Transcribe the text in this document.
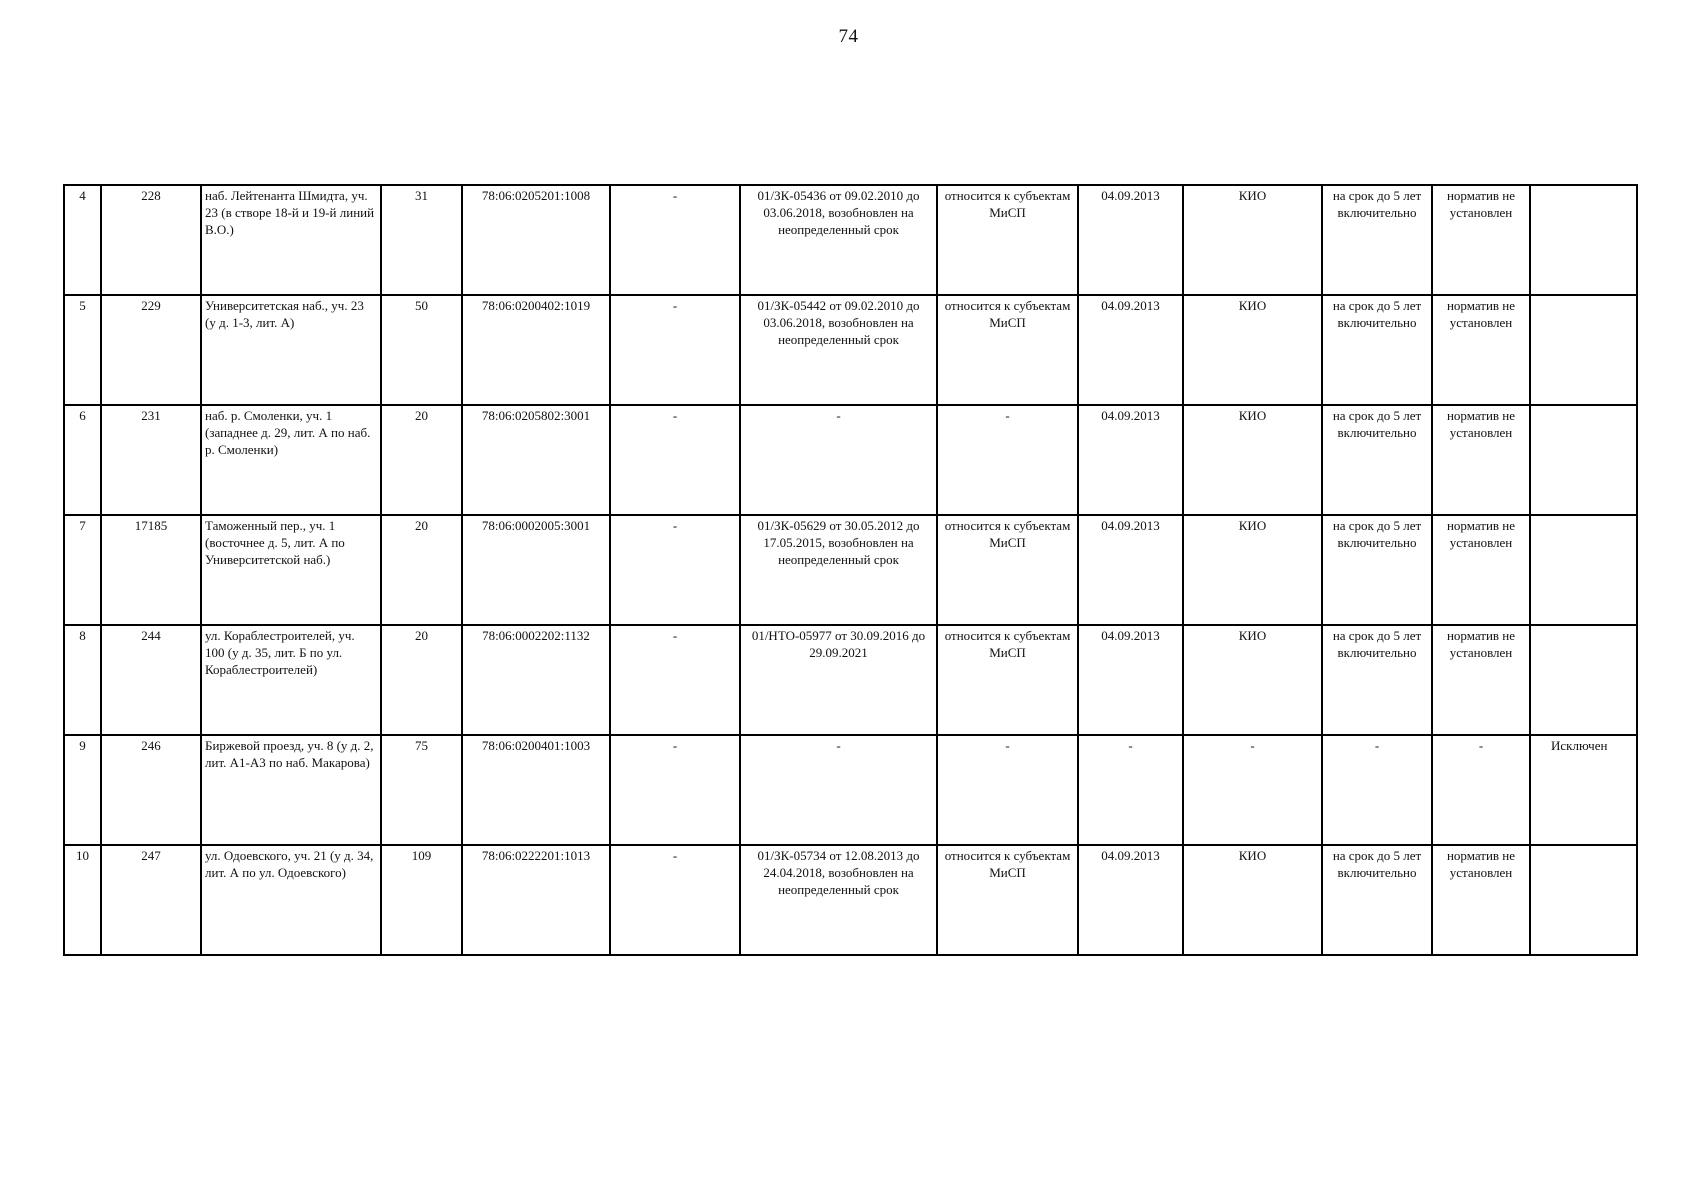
74
4	228	наб. Лейтенанта Шмидта, уч. 23 (в створе 18-й и 19-й линий В.О.)	31	78:06:0205201:1008	-	01/ЗК-05436 от 09.02.2010 до 03.06.2018, возобновлен на неопределенный срок	относится к субъектам МиСП	04.09.2013	КИО	на срок до 5 лет включительно	норматив не установлен	
5	229	Университетская наб., уч. 23 (у д. 1-3, лит. А)	50	78:06:0200402:1019	-	01/ЗК-05442 от 09.02.2010 до 03.06.2018, возобновлен на неопределенный срок	относится к субъектам МиСП	04.09.2013	КИО	на срок до 5 лет включительно	норматив не установлен	
6	231	наб. р. Смоленки, уч. 1 (западнее д. 29, лит. А по наб. р. Смоленки)	20	78:06:0205802:3001	-	-	-	04.09.2013	КИО	на срок до 5 лет включительно	норматив не установлен	
7	17185	Таможенный пер., уч. 1 (восточнее д. 5, лит. А по Университетской наб.)	20	78:06:0002005:3001	-	01/ЗК-05629 от 30.05.2012 до 17.05.2015, возобновлен на неопределенный срок	относится к субъектам МиСП	04.09.2013	КИО	на срок до 5 лет включительно	норматив не установлен	
8	244	ул. Кораблестроителей, уч. 100 (у д. 35, лит. Б по ул. Кораблестроителей)	20	78:06:0002202:1132	-	01/НТО-05977 от 30.09.2016 до 29.09.2021	относится к субъектам МиСП	04.09.2013	КИО	на срок до 5 лет включительно	норматив не установлен	
9	246	Биржевой проезд, уч. 8 (у д. 2, лит. А1-А3 по наб. Макарова)	75	78:06:0200401:1003	-	-	-	-	-	-	-	Исключен
10	247	ул. Одоевского, уч. 21 (у д. 34, лит. А по ул. Одоевского)	109	78:06:0222201:1013	-	01/ЗК-05734 от 12.08.2013 до 24.04.2018, возобновлен на неопределенный срок	относится к субъектам МиСП	04.09.2013	КИО	на срок до 5 лет включительно	норматив не установлен	
